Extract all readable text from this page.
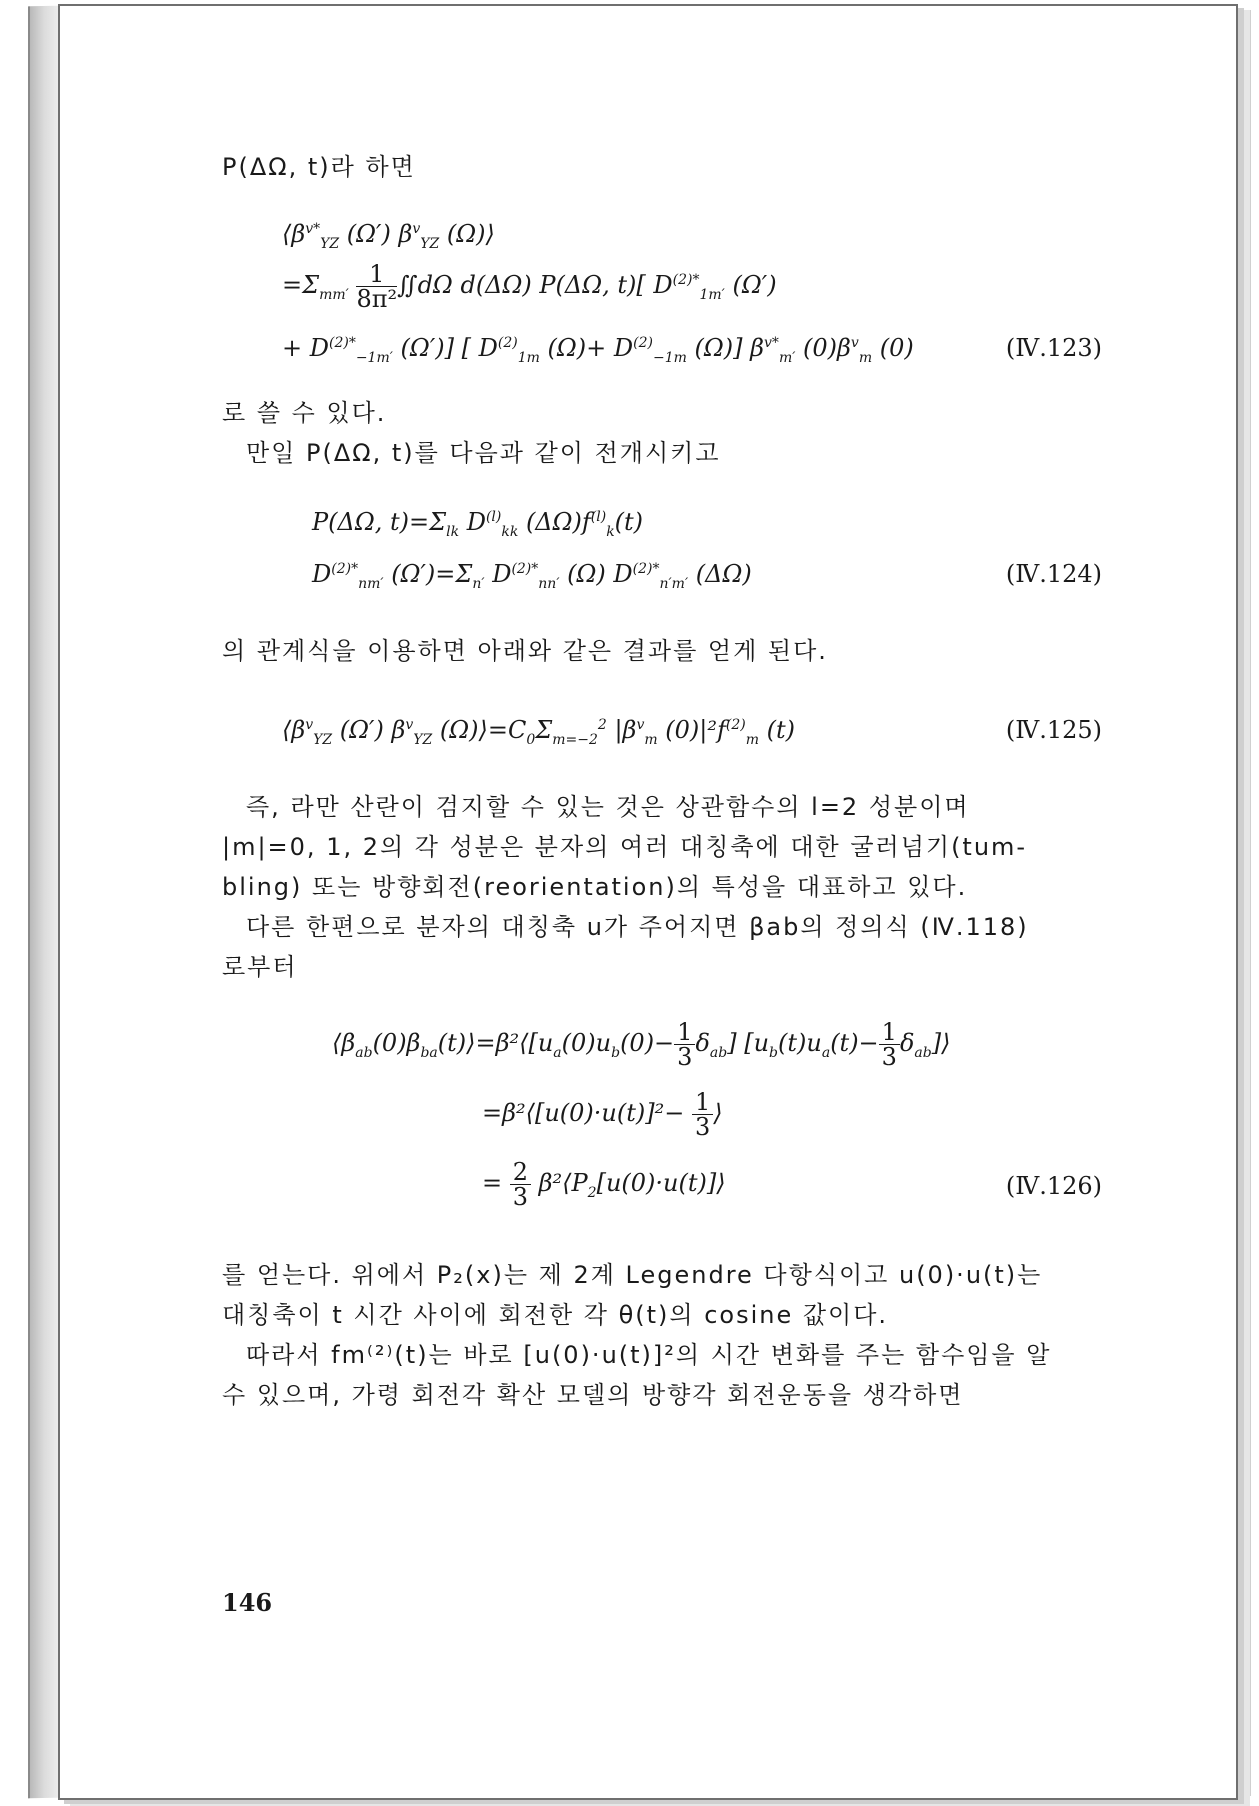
P(ΔΩ, t)라 하면
$⟨\beta^{v*}_{YZ}$ (Ω′) $\beta^v_{YZ}$ (Ω)⟩
$=\Sigma_{mm'} \frac{1}{\text{8π²}}$ ∬dΩ d(ΔΩ) P(ΔΩ, t)[ $D^{(2)*}_{1m'}$ (Ω′)
+ $D^{(2)*}_{-1m'}$ (Ω′)] [ $D^{(2)}_{1m}$ $(\Omega)+ D^{(2)}_{-1m}$ (Ω)] $\beta^{v*}_{m'}$ $(0)\beta^v_m$ (0)	(Ⅳ.123)
로 쓸 수 있다.
만일 P(ΔΩ, t)를 다음과 같이 전개시키고
P(ΔΩ, $t)=\Sigma_{lk}$ $D^{(l)}_{kk}$ $(\Delta\Omega)f^{(l)}_k(t)$
$D^{(2)*}_{nm'}$ $(\Omega')=\Sigma_{n'}$ $D^{(2)*}_{nn'}$ (Ω) $D^{(2)*}_{n'm'}$ (ΔΩ)	(Ⅳ.124)
의 관계식을 이용하면 아래와 같은 결과를 얻게 된다.
$⟨\beta^v_{YZ}$ (Ω′) $\beta^v_{YZ}$ $(\Omega)⟩=C_0\Sigma_{m=-2}^2$ $|\beta^v_m$ $(0)|^2f^{(2)}_m$ (t)	(Ⅳ.125)
즉, 라만 산란이 검지할 수 있는 것은 상관함수의 l=2 성분이며
|m|=0, 1, 2의 각 성분은 분자의 여러 대칭축에 대한 굴러넘기(tum-
bling) 또는 방향회전(reorientation)의 특성을 대표하고 있다.
다른 한편으로 분자의 대칭축 u가 주어지면 βab의 정의식 (Ⅳ.118)
로부터
$⟨\beta_{ab}(0)\beta_{ba}(t)⟩=\beta^2⟨[u_a(0)u_b(0)- \frac{1}{3} \delta_{ab}]$ [$u_b(t)u_a(t)- \frac{1}{3}$ $\delta_{ab}]⟩$
=β²⟨[u(0)·u(t)]²− $\frac{1}{3}$ ⟩
= $\frac{2}{3}$ $\beta^2⟨P_2[u(0)\cdot u(t)]⟩$	(Ⅳ.126)
를 얻는다. 위에서 P₂(x)는 제 2계 Legendre 다항식이고 u(0)·u(t)는
대칭축이 t 시간 사이에 회전한 각 θ(t)의 cosine 값이다.
따라서 fm⁽²⁾(t)는 바로 [u(0)·u(t)]²의 시간 변화를 주는 함수임을 알
수 있으며, 가령 회전각 확산 모델의 방향각 회전운동을 생각하면
146
